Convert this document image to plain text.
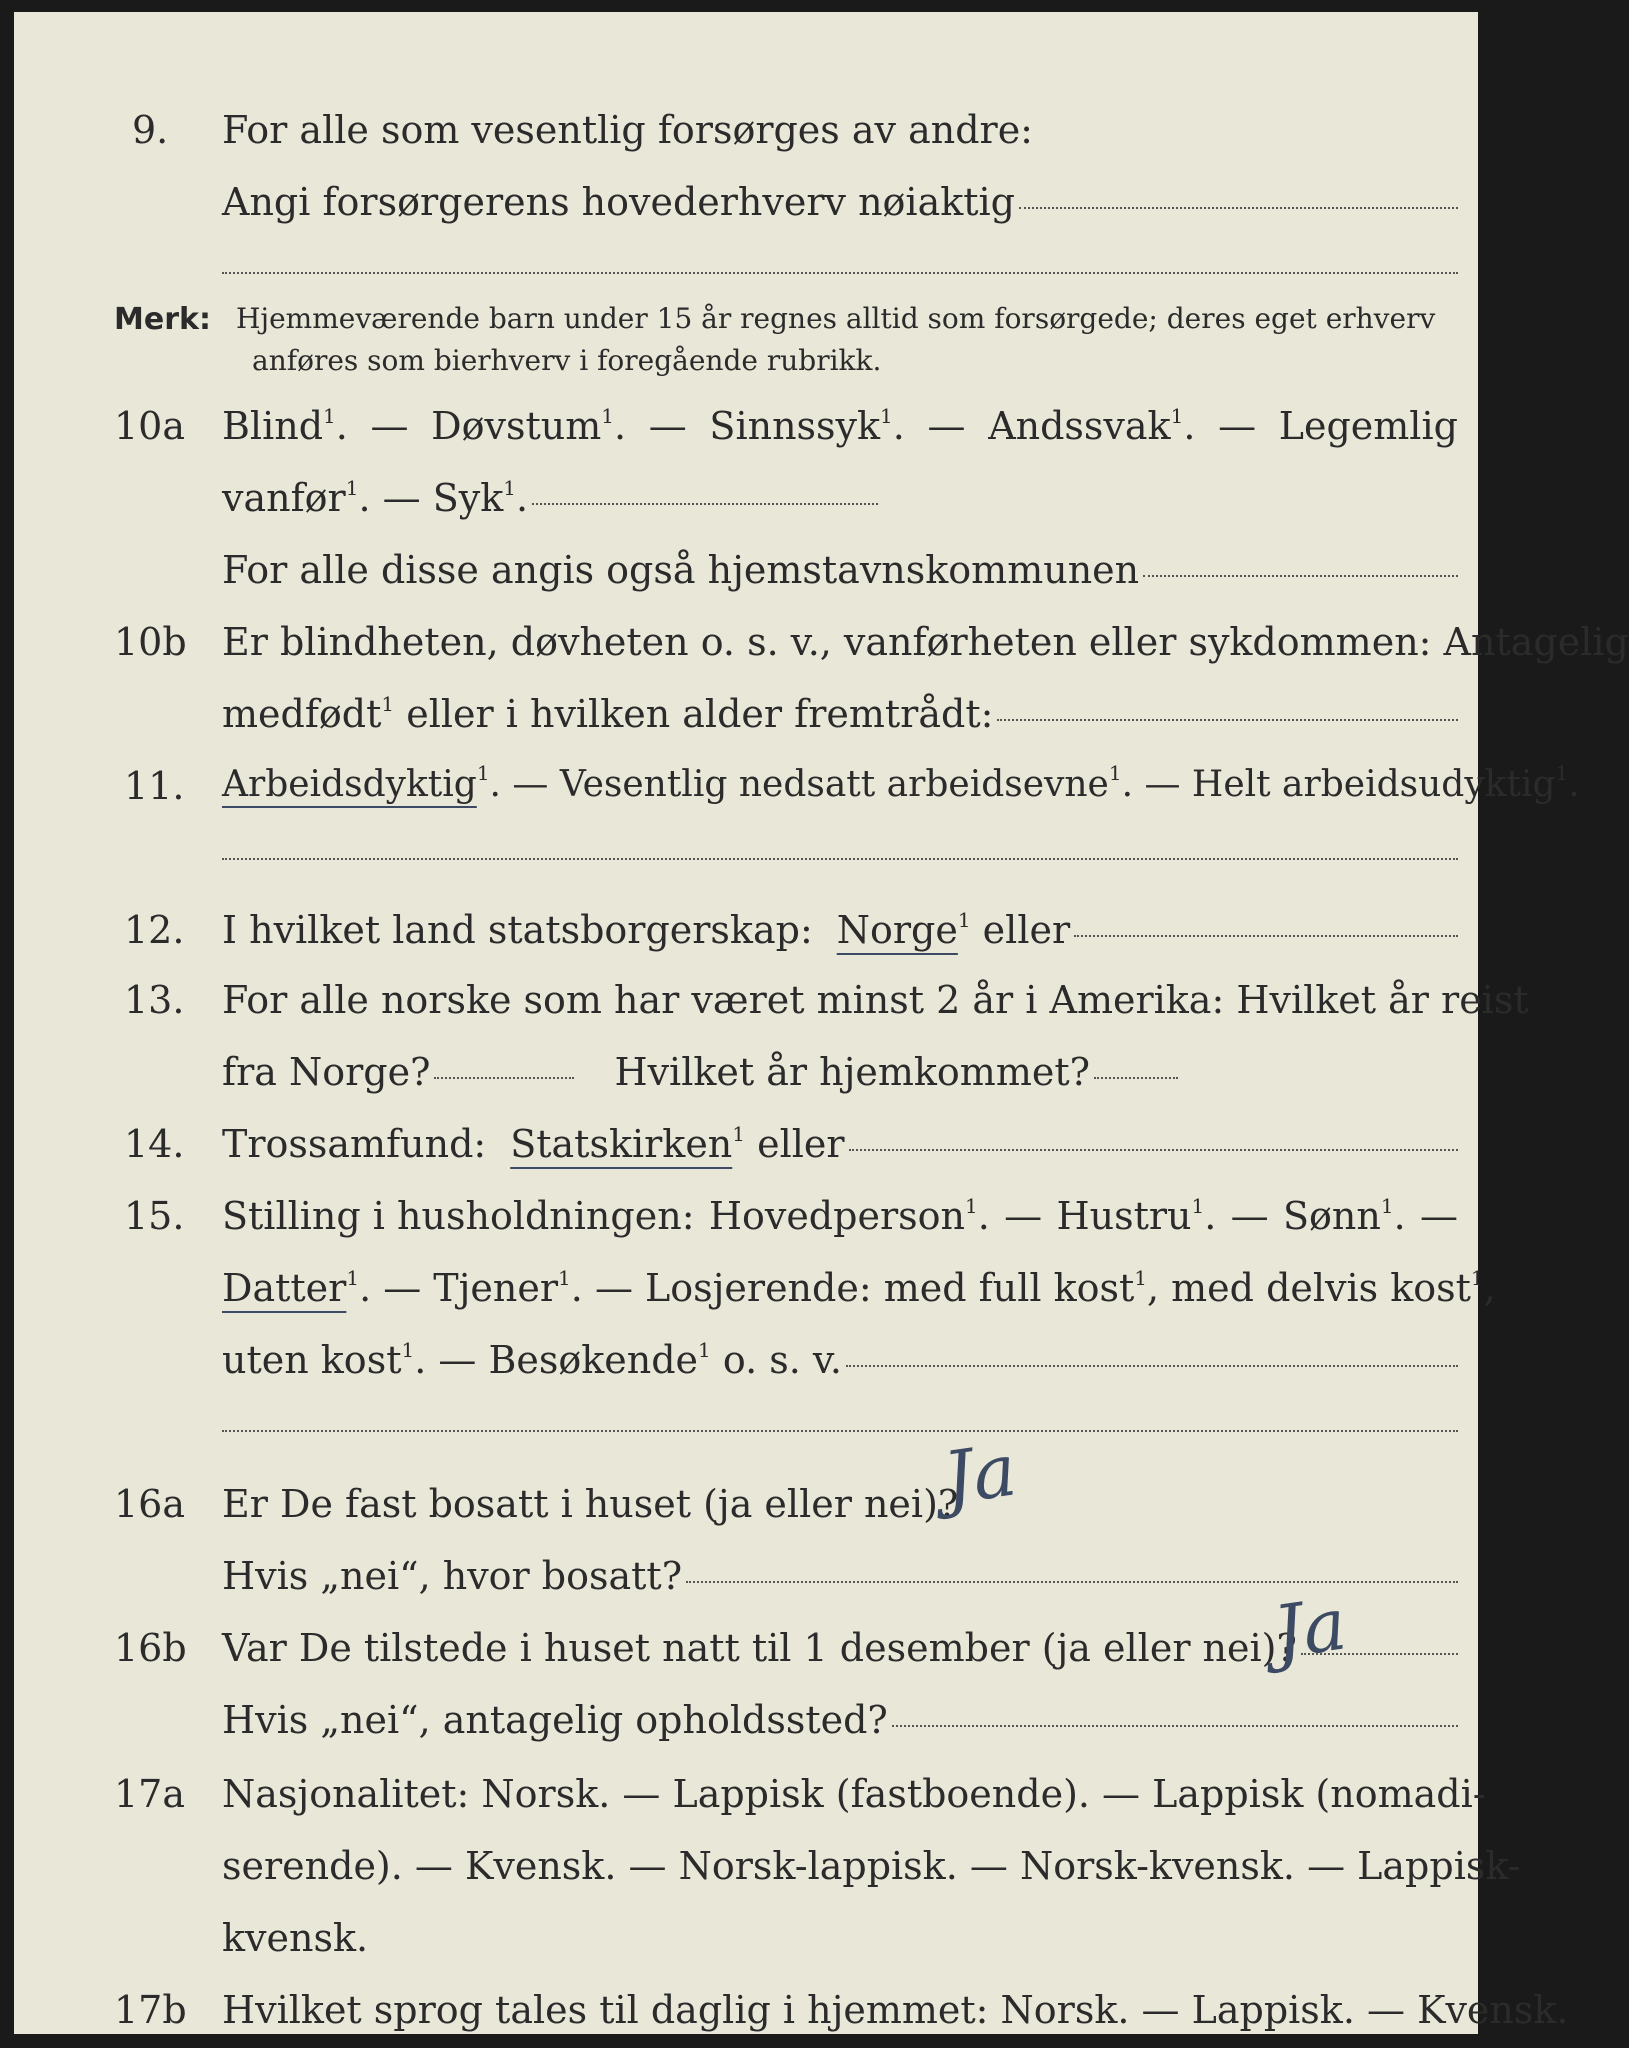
9.	For alle som vesentlig forsørges av andre:
Angi forsørgerens hovederhverv nøiaktig
Merk: Hjemmeværende barn under 15 år regnes alltid som forsørgede; deres eget erhverv
anføres som bierhverv i foregående rubrikk.
10a Blind$^1$. — Døvstum$^1$. — Sinnssyk$^1$. — Andssvak$^1$. — Legemlig
vanfør$^1$. — Syk$^1$.
For alle disse angis også hjemstavnskommunen
10b Er blindheten, døvheten o. s. v., vanførheten eller sykdommen: Antagelig
medfødt$^1$ eller i hvilken alder fremtrådt:
11.	Arbeidsdyktig $^1$. — Vesentlig nedsatt arbeidsevne$^1$. — Helt arbeidsudyktig$^1$.
12. I hvilket land statsborgerskap: Norge$^1$ eller
13. For alle norske som har været minst 2 år i Amerika: Hvilket år reist
fra Norge?	Hvilket år hjemkommet?
14. Trossamfund: Statskirken$^1$ eller
15. Stilling i husholdningen: Hovedperson$^1$. — Hustru$^1$. — Sønn$^1$. —
Datter $^1$. — Tjener$^1$. — Losjerende: med full kost$^1$, med delvis kost$^1$,
uten kost$^1$. — Besøkende$^1$ o. s. v.
16a Er De fast bosatt i huset (ja eller nei)?
Ja
Hvis „nei“, hvor bosatt?
16b Var De tilstede i huset natt til 1 desember (ja eller nei)?
Ja
Hvis „nei“, antagelig opholdssted?
17a Nasjonalitet: Norsk. — Lappisk (fastboende). — Lappisk (nomadi-
serende). — Kvensk. — Norsk-lappisk. — Norsk-kvensk. — Lappisk-
kvensk.
17b Hvilket sprog tales til daglig i hjemmet: Norsk. — Lappisk. — Kvensk.
